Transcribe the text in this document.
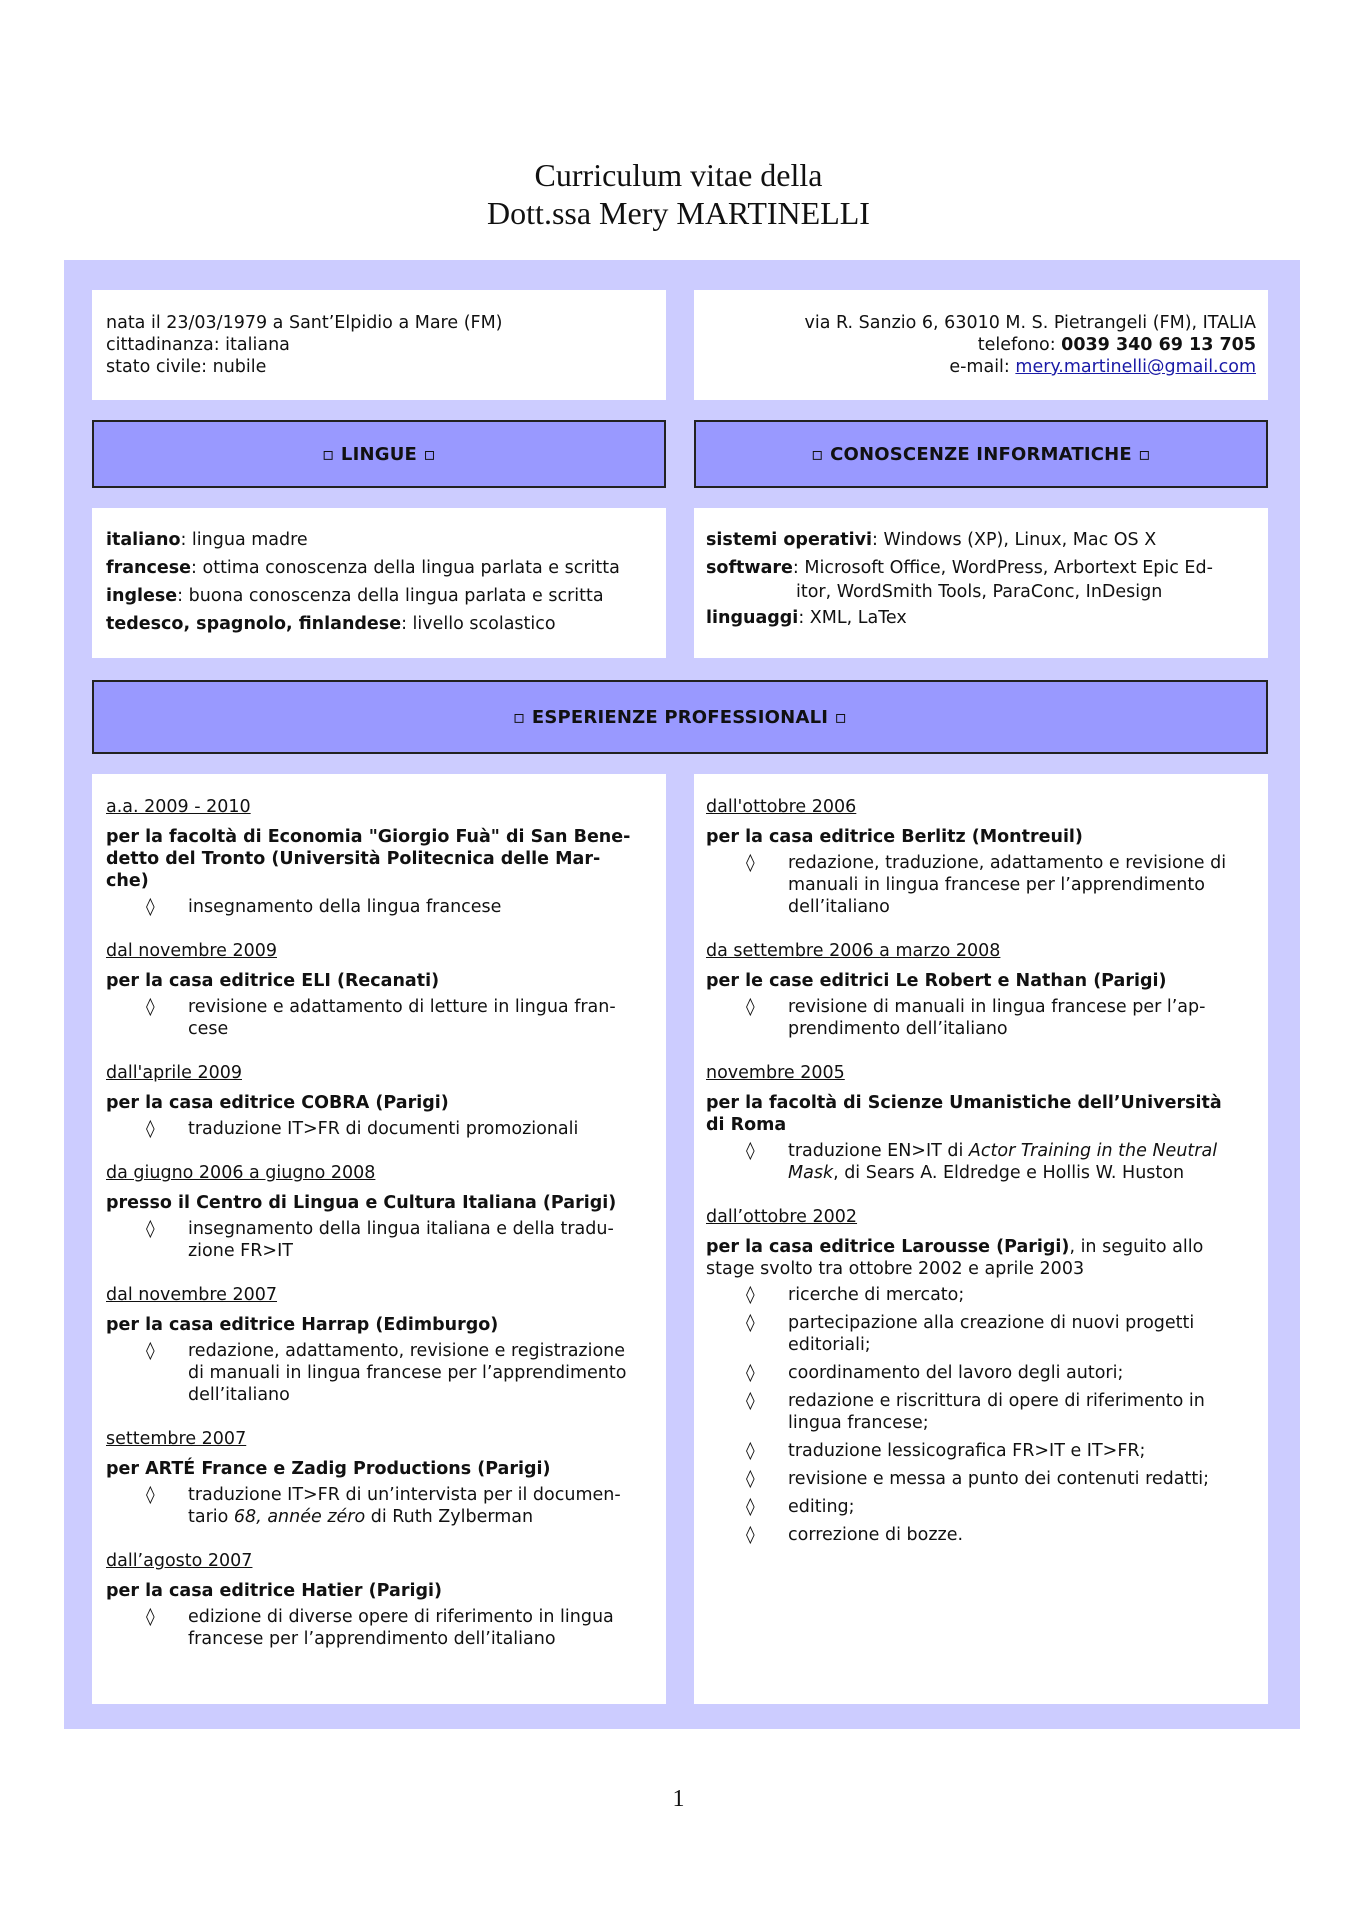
Curriculum vitae della
Dott.ssa Mery MARTINELLI
nata il 23/03/1979 a Sant’Elpidio a Mare (FM)
cittadinanza: italiana
stato civile: nubile
via R. Sanzio 6, 63010 M. S. Pietrangeli (FM), ITALIA
telefono: 0039 340 69 13 705
e-mail: mery.martinelli@gmail.com
▫ LINGUE ▫	▫ CONOSCENZE INFORMATICHE ▫
italiano: lingua madre
francese: ottima conoscenza della lingua parlata e scritta
inglese: buona conoscenza della lingua parlata e scritta
tedesco, spagnolo, finlandese: livello scolastico
sistemi operativi: Windows (XP), Linux, Mac OS X
software: Microsoft Office, WordPress, Arbortext Epic Ed-
itor, WordSmith Tools, ParaConc, InDesign
linguaggi: XML, LaTex
▫ ESPERIENZE PROFESSIONALI ▫
a.a. 2009 - 2010
per la facoltà di Economia "Giorgio Fuà" di San Bene-
detto del Tronto (Università Politecnica delle Mar-
che)
◊ insegnamento della lingua francese
dal novembre 2009
per la casa editrice ELI (Recanati)
◊ revisione e adattamento di letture in lingua fran-
cese
dall'aprile 2009
per la casa editrice COBRA (Parigi)
◊ traduzione IT>FR di documenti promozionali
da giugno 2006 a giugno 2008
presso il Centro di Lingua e Cultura Italiana (Parigi)
◊ insegnamento della lingua italiana e della tradu-
zione FR>IT
dal novembre 2007
per la casa editrice Harrap (Edimburgo)
◊ redazione, adattamento, revisione e registrazione
di manuali in lingua francese per l’apprendimento
dell’italiano
settembre 2007
per ARTÉ France e Zadig Productions (Parigi)
◊ traduzione IT>FR di un’intervista per il documen-
tario 68, année zéro di Ruth Zylberman
dall’agosto 2007
per la casa editrice Hatier (Parigi)
◊ edizione di diverse opere di riferimento in lingua
francese per l’apprendimento dell’italiano
dall'ottobre 2006
per la casa editrice Berlitz (Montreuil)
◊ redazione, traduzione, adattamento e revisione di
manuali in lingua francese per l’apprendimento
dell’italiano
da settembre 2006 a marzo 2008
per le case editrici Le Robert e Nathan (Parigi)
◊ revisione di manuali in lingua francese per l’ap-
prendimento dell’italiano
novembre 2005
per la facoltà di Scienze Umanistiche dell’Università
di Roma
◊ traduzione EN>IT di Actor Training in the Neutral
Mask, di Sears A. Eldredge e Hollis W. Huston
dall’ottobre 2002
per la casa editrice Larousse (Parigi), in seguito allo
stage svolto tra ottobre 2002 e aprile 2003
◊ ricerche di mercato;
◊ partecipazione alla creazione di nuovi progetti
editoriali;
◊ coordinamento del lavoro degli autori;
◊ redazione e riscrittura di opere di riferimento in
lingua francese;
◊ traduzione lessicografica FR>IT e IT>FR;
◊ revisione e messa a punto dei contenuti redatti;
◊ editing;
◊ correzione di bozze.
1
